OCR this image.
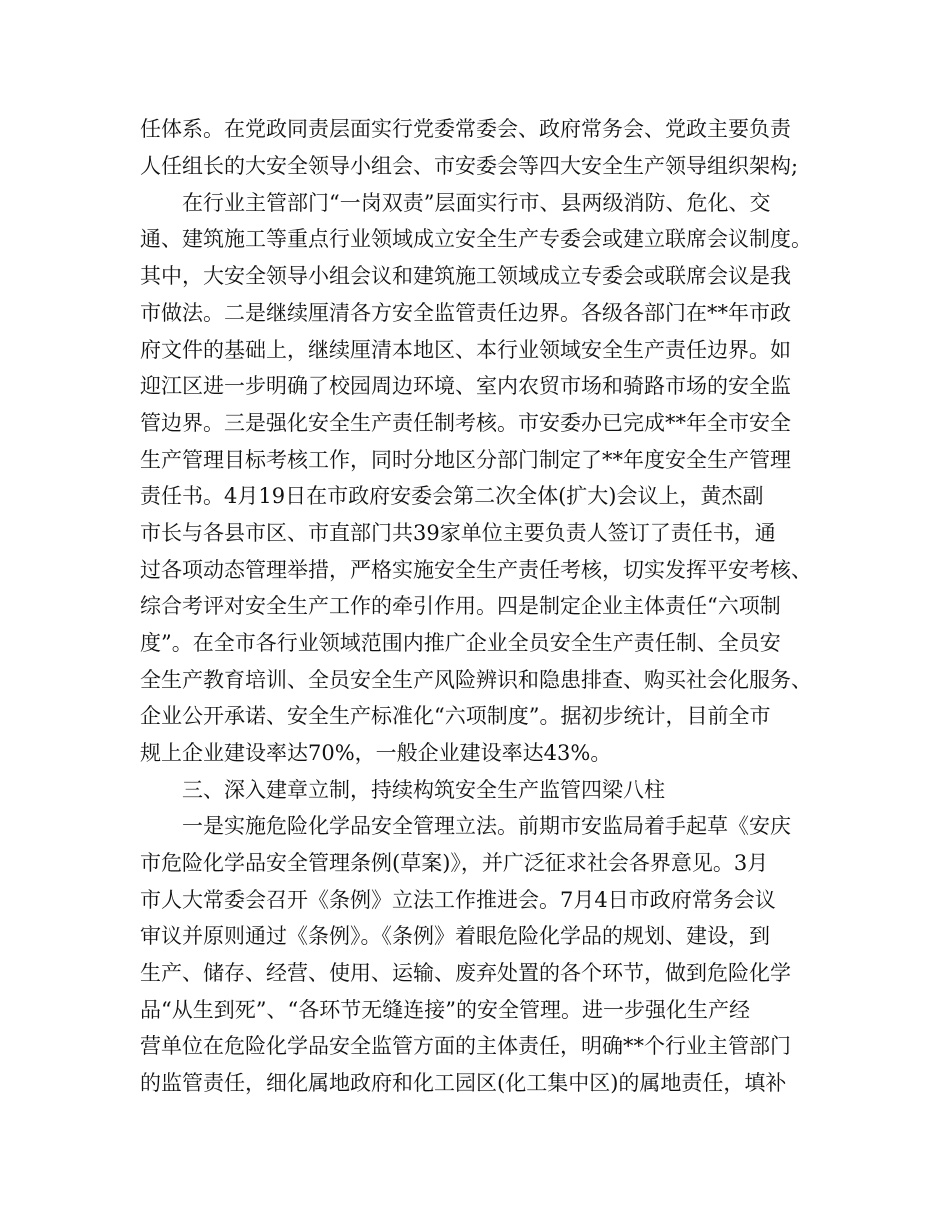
任体系。在党政同责层面实行党委常委会、政府常务会、党政主要负责
人任组长的大安全领导小组会、市安委会等四大安全生产领导组织架构;
在行业主管部门“一岗双责”层面实行市、县两级消防、危化、交
通、建筑施工等重点行业领域成立安全生产专委会或建立联席会议制度。
其中，大安全领导小组会议和建筑施工领域成立专委会或联席会议是我
市做法。二是继续厘清各方安全监管责任边界。各级各部门在**年市政
府文件的基础上，继续厘清本地区、本行业领域安全生产责任边界。如
迎江区进一步明确了校园周边环境、室内农贸市场和骑路市场的安全监
管边界。三是强化安全生产责任制考核。市安委办已完成**年全市安全
生产管理目标考核工作，同时分地区分部门制定了**年度安全生产管理
责任书。4月19日在市政府安委会第二次全体(扩大)会议上，黄杰副
市长与各县市区、市直部门共39家单位主要负责人签订了责任书，通
过各项动态管理举措，严格实施安全生产责任考核，切实发挥平安考核、
综合考评对安全生产工作的牵引作用。四是制定企业主体责任“六项制
度”。在全市各行业领域范围内推广企业全员安全生产责任制、全员安
全生产教育培训、全员安全生产风险辨识和隐患排查、购买社会化服务、
企业公开承诺、安全生产标准化“六项制度”。据初步统计，目前全市
规上企业建设率达70%，一般企业建设率达43%。
三、深入建章立制，持续构筑安全生产监管四梁八柱
一是实施危险化学品安全管理立法。前期市安监局着手起草《安庆
市危险化学品安全管理条例(草案)》，并广泛征求社会各界意见。3月
市人大常委会召开《条例》立法工作推进会。7月4日市政府常务会议
审议并原则通过《条例》。《条例》着眼危险化学品的规划、建设，到
生产、储存、经营、使用、运输、废弃处置的各个环节，做到危险化学
品“从生到死”、“各环节无缝连接”的安全管理。进一步强化生产经
营单位在危险化学品安全监管方面的主体责任，明确**个行业主管部门
的监管责任，细化属地政府和化工园区(化工集中区)的属地责任，填补
